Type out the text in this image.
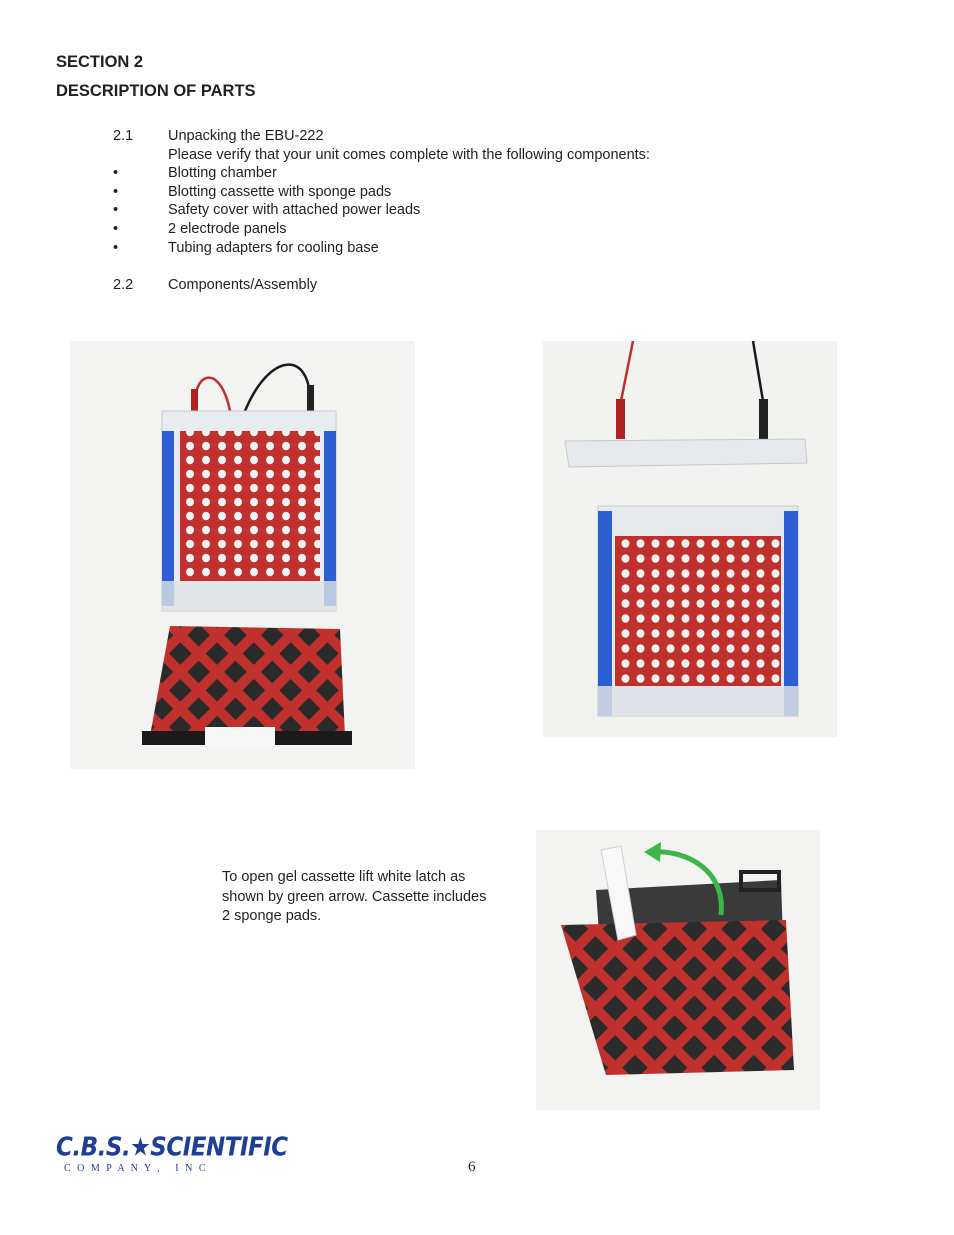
SECTION 2
DESCRIPTION OF PARTS
2.1 Unpacking the EBU-222
Please verify that your unit comes complete with the following components:
•	Blotting chamber
•	Blotting cassette with sponge pads
•	Safety cover with attached power leads
•	2 electrode panels
•	Tubing adapters for cooling base
2.2 Components/Assembly
To open gel cassette lift white latch as
shown by green arrow. Cassette includes
2 sponge pads.
C.B.S.★SCIENTIFIC
C O M P A N Y ,   I N C	6
